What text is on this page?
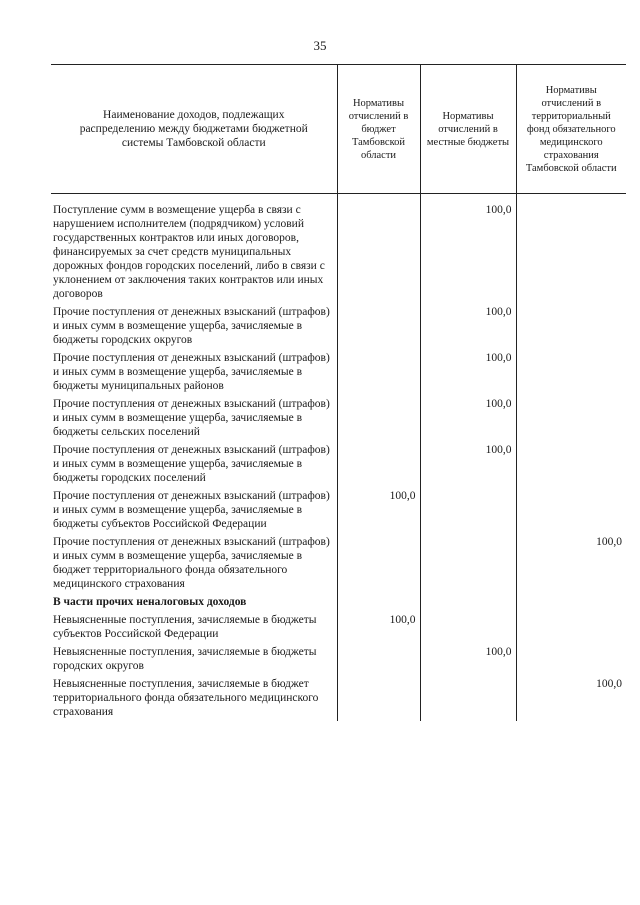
35
Наименование доходов, подлежащих распределению между бюджетами бюджетной системы Тамбовской области	Нормативы отчислений в бюджет Тамбовской области	Нормативы отчислений в местные бюджеты	Нормативы отчислений в территориальный фонд обязательного медицинского страхования Тамбовской области
Поступление сумм в возмещение ущерба в связи с нарушением исполнителем (подрядчиком) условий государственных контрактов или иных договоров, финансируемых за счет средств муниципальных дорожных фондов городских поселений, либо в связи с уклонением от заключения таких контрактов или иных договоров		100,0	
Прочие поступления от денежных взысканий (штрафов) и иных сумм в возмещение ущерба, зачисляемые в бюджеты городских округов		100,0	
Прочие поступления от денежных взысканий (штрафов) и иных сумм в возмещение ущерба, зачисляемые в бюджеты муниципальных районов		100,0	
Прочие поступления от денежных взысканий (штрафов) и иных сумм в возмещение ущерба, зачисляемые в бюджеты сельских поселений		100,0	
Прочие поступления от денежных взысканий (штрафов) и иных сумм в возмещение ущерба, зачисляемые в бюджеты городских поселений		100,0	
Прочие поступления от денежных взысканий (штрафов) и иных сумм в возмещение ущерба, зачисляемые в бюджеты субъектов Российской Федерации	100,0		
Прочие поступления от денежных взысканий (штрафов) и иных сумм в возмещение ущерба, зачисляемые в бюджет территориального фонда обязательного медицинского страхования			100,0
В части прочих неналоговых доходов			
Невыясненные поступления, зачисляемые в бюджеты субъектов Российской Федерации	100,0		
Невыясненные поступления, зачисляемые в бюджеты городских округов		100,0	
Невыясненные поступления, зачисляемые в бюджет территориального фонда обязательного медицинского страхования			100,0
